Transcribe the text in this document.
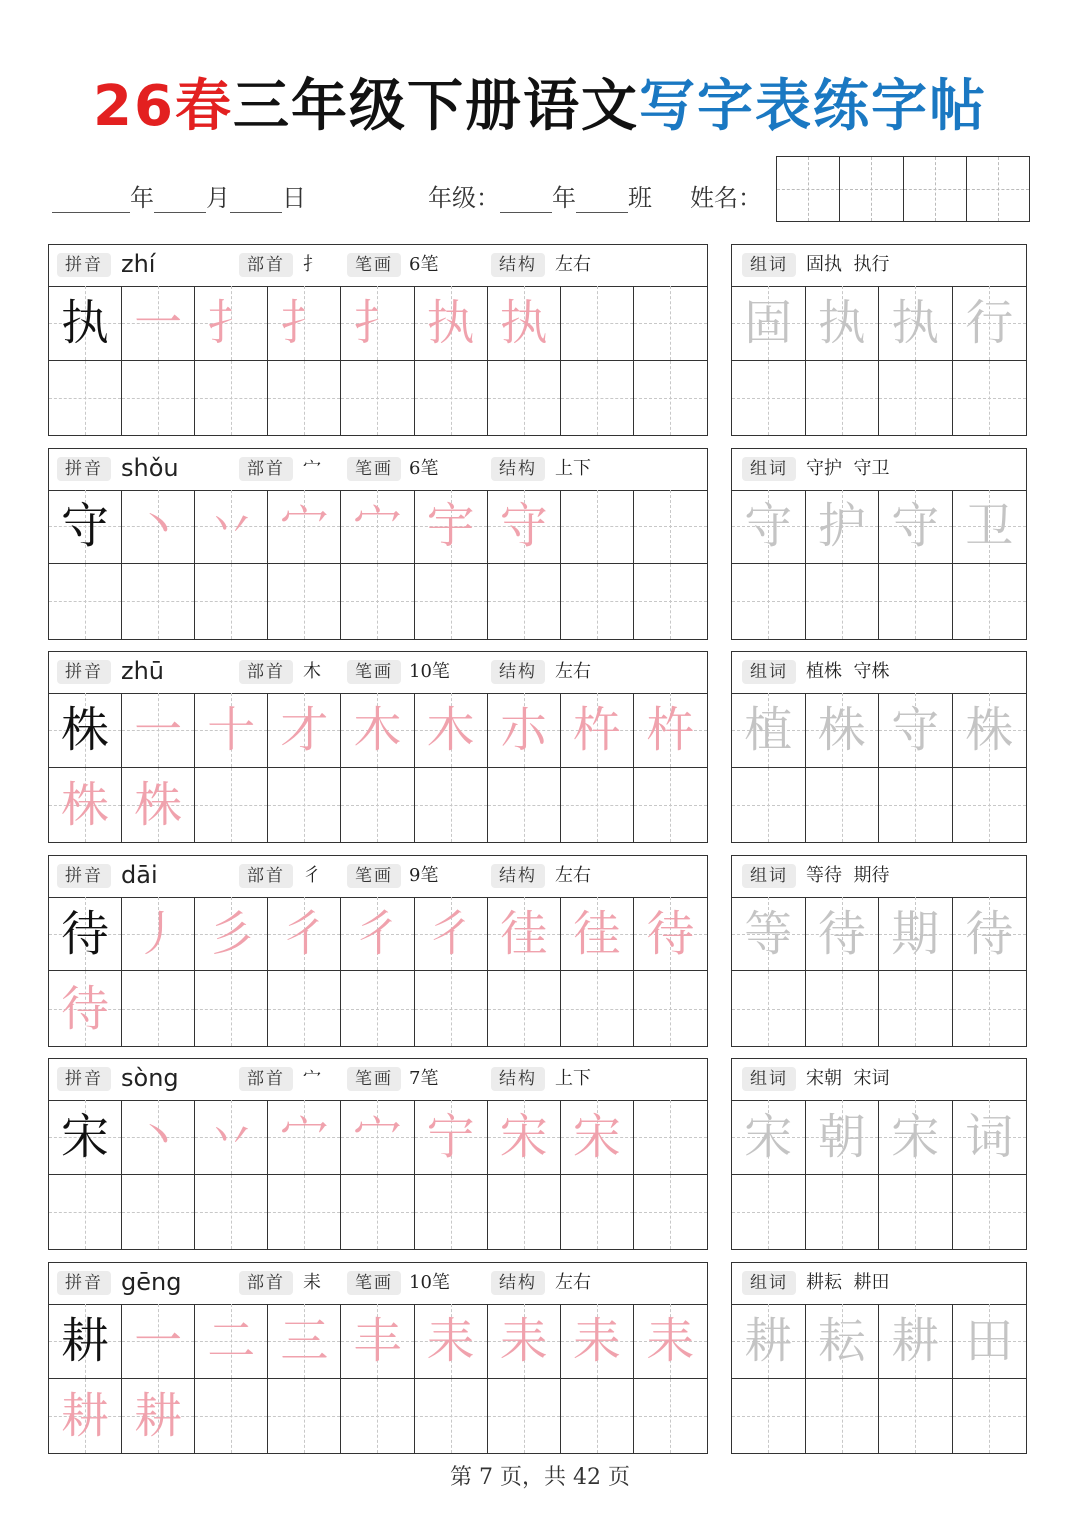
26春三年级下册语文写字表练字帖
年 月 日	年级： 年 班 姓名：
拼音 zhí	部首	扌	笔画 6笔	结构	左右
执 一 扌 扌 扌 执 执
组词	固执  执行
固 执 执 行
拼音 shǒu	部首	宀	笔画 6笔	结构	上下
守 丶 丷 宀 宀 宇 守
组词	守护  守卫
守 护 守 卫
拼音 zhū	部首	木	笔画 10笔	结构	左右
株 一 十 才 木 木 朩 杵 杵
株 株
组词	植株  守株
植 株 守 株
拼音 dāi	部首	彳	笔画 9笔	结构	左右
待 丿 彡 彳 彳 彳 徍 徍 待
待
组词	等待  期待
等 待 期 待
拼音 sòng	部首	宀	笔画 7笔	结构	上下
宋 丶 丷 宀 宀 宁 宋 宋
组词	宋朝  宋词
宋 朝 宋 词
拼音 gēng	部首	耒	笔画 10笔	结构	左右
耕 一 二 三 丰 耒 耒 耒 耒
耕 耕
组词	耕耘  耕田
耕 耘 耕 田
第 7 页，共 42 页
